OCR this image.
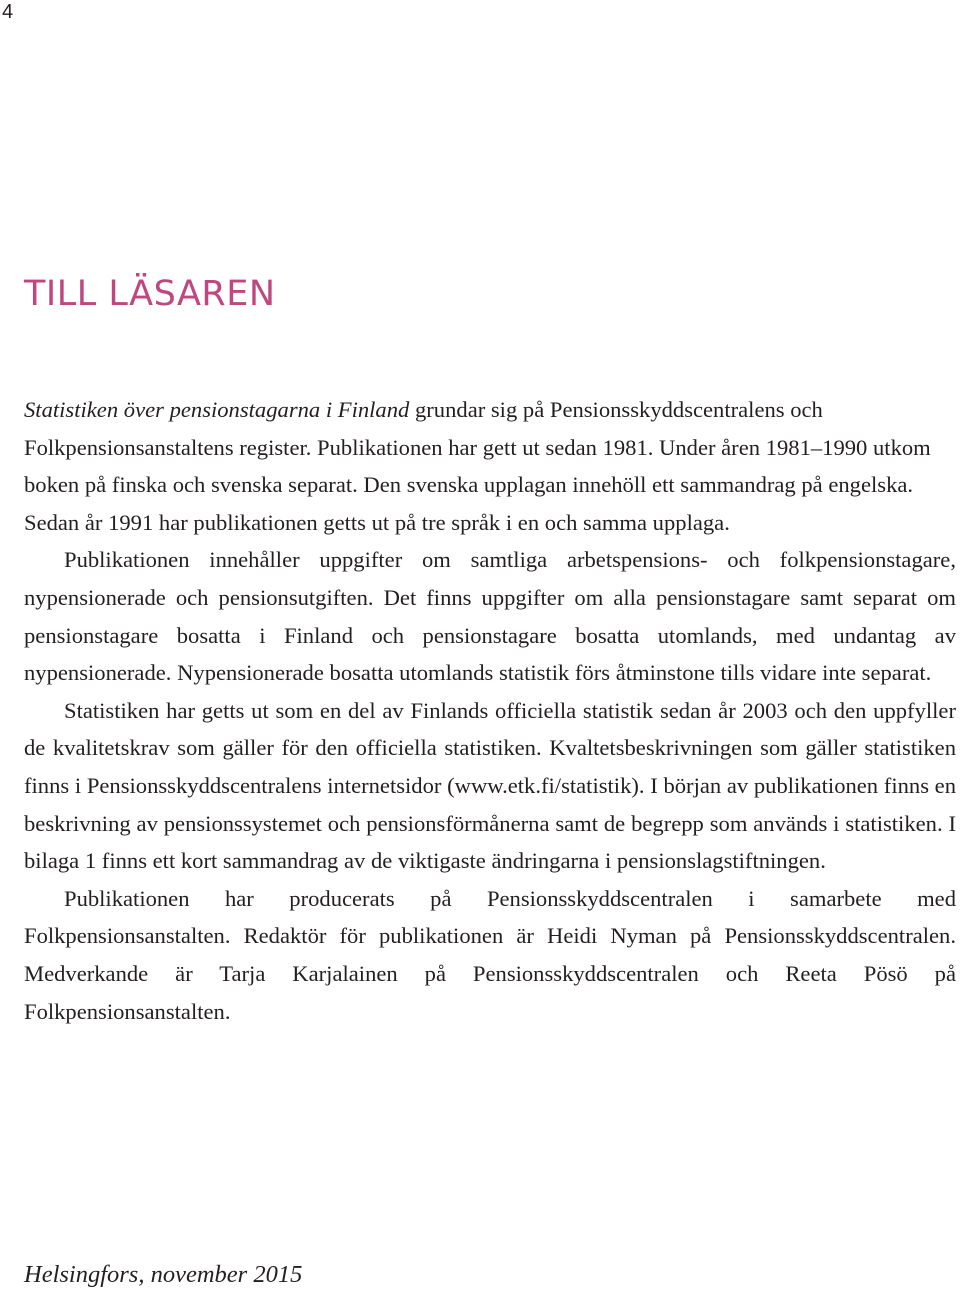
4
TILL LÄSAREN

Statistiken över pensionstagarna i Finland grundar sig på Pensionsskyddscentralens och Folkpensionsanstaltens register. Publikationen har gett ut sedan 1981. Under åren 1981–1990 utkom boken på finska och svenska separat. Den svenska upplagan innehöll ett sammandrag på engelska. Sedan år 1991 har publikationen getts ut på tre språk i en och samma upplaga.

Publikationen innehåller uppgifter om samtliga arbetspensions- och folkpensionstagare, nypensionerade och pensionsutgiften. Det finns uppgifter om alla pensionstagare samt separat om pensionstagare bosatta i Finland och pensionstagare bosatta utomlands, med undantag av nypensionerade. Nypensionerade bosatta utomlands statistik förs åtminstone tills vidare inte separat.

Statistiken har getts ut som en del av Finlands officiella statistik sedan år 2003 och den uppfyller de kvalitetskrav som gäller för den officiella statistiken. Kvaltetsbeskrivningen som gäller statistiken finns i Pensionsskyddscentralens internetsidor (www.etk.fi/statistik). I början av publikationen finns en beskrivning av pensionssystemet och pensionsförmånerna samt de begrepp som används i statistiken. I bilaga 1 finns ett kort sammandrag av de viktigaste ändringarna i pensionslagstiftningen.

Publikationen har producerats på Pensionsskyddscentralen i samarbete med Folkpensionsanstalten. Redaktör för publikationen är Heidi Nyman på Pensionsskyddscentralen. Medverkande är Tarja Karjalainen på Pensionsskyddscentralen och Reeta Pösö på Folkpensionsanstalten.

Helsingfors, november 2015
